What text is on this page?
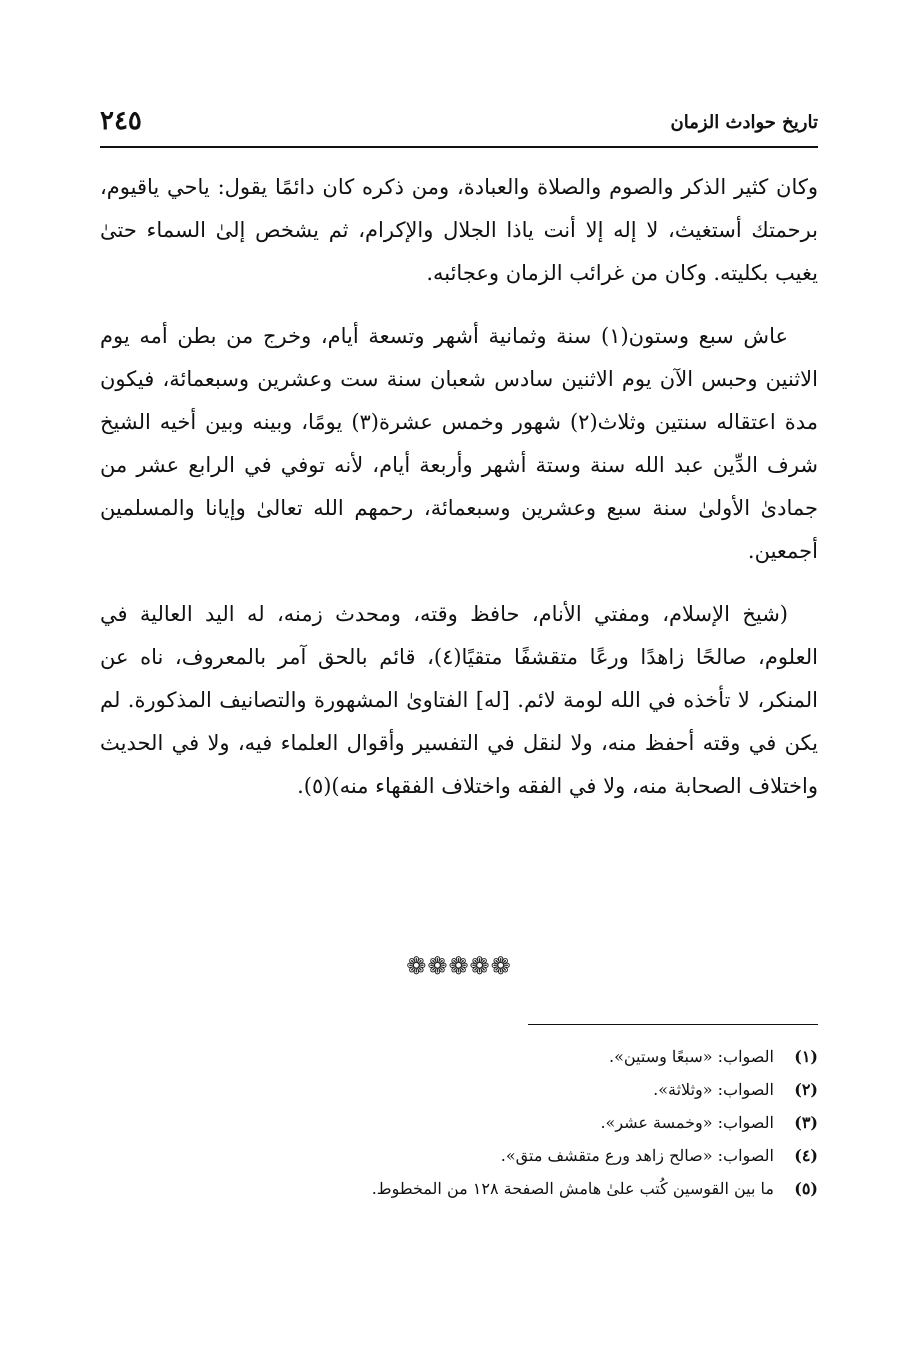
تاريخ حوادث الزمان
٢٤٥

وكان كثير الذكر والصوم والصلاة والعبادة، ومن ذكره كان دائمًا يقول: ياحي ياقيوم، برحمتك أستغيث، لا إله إلا أنت ياذا الجلال والإكرام، ثم يشخص إلىٰ السماء حتىٰ يغيب بكليته. وكان من غرائب الزمان وعجائبه.

عاش سبع وستون(١) سنة وثمانية أشهر وتسعة أيام، وخرج من بطن أمه يوم الاثنين وحبس الآن يوم الاثنين سادس شعبان سنة ست وعشرين وسبعمائة، فيكون مدة اعتقاله سنتين وثلاث(٢) شهور وخمس عشرة(٣) يومًا، وبينه وبين أخيه الشيخ شرف الدِّين عبد الله سنة وستة أشهر وأربعة أيام، لأنه توفي في الرابع عشر من جمادىٰ الأولىٰ سنة سبع وعشرين وسبعمائة، رحمهم الله تعالىٰ وإيانا والمسلمين أجمعين.

(شيخ الإسلام، ومفتي الأنام، حافظ وقته، ومحدث زمنه، له اليد العالية في العلوم، صالحًا زاهدًا ورعًا متقشفًا متقيًا(٤)، قائم بالحق آمر بالمعروف، ناه عن المنكر، لا تأخذه في الله لومة لائم. [له] الفتاوىٰ المشهورة والتصانيف المذكورة. لم يكن في وقته أحفظ منه، ولا لنقل في التفسير وأقوال العلماء فيه، ولا في الحديث واختلاف الصحابة منه، ولا في الفقه واختلاف الفقهاء منه)(٥).

❁❁❁❁❁
(١)
الصواب: «سبعًا وستين».
(٢)
الصواب: «وثلاثة».
(٣)
الصواب: «وخمسة عشر».
(٤)
الصواب: «صالح زاهد ورع متقشف متق».
(٥)
ما بين القوسين كُتب علىٰ هامش الصفحة ١٢٨ من المخطوط.
